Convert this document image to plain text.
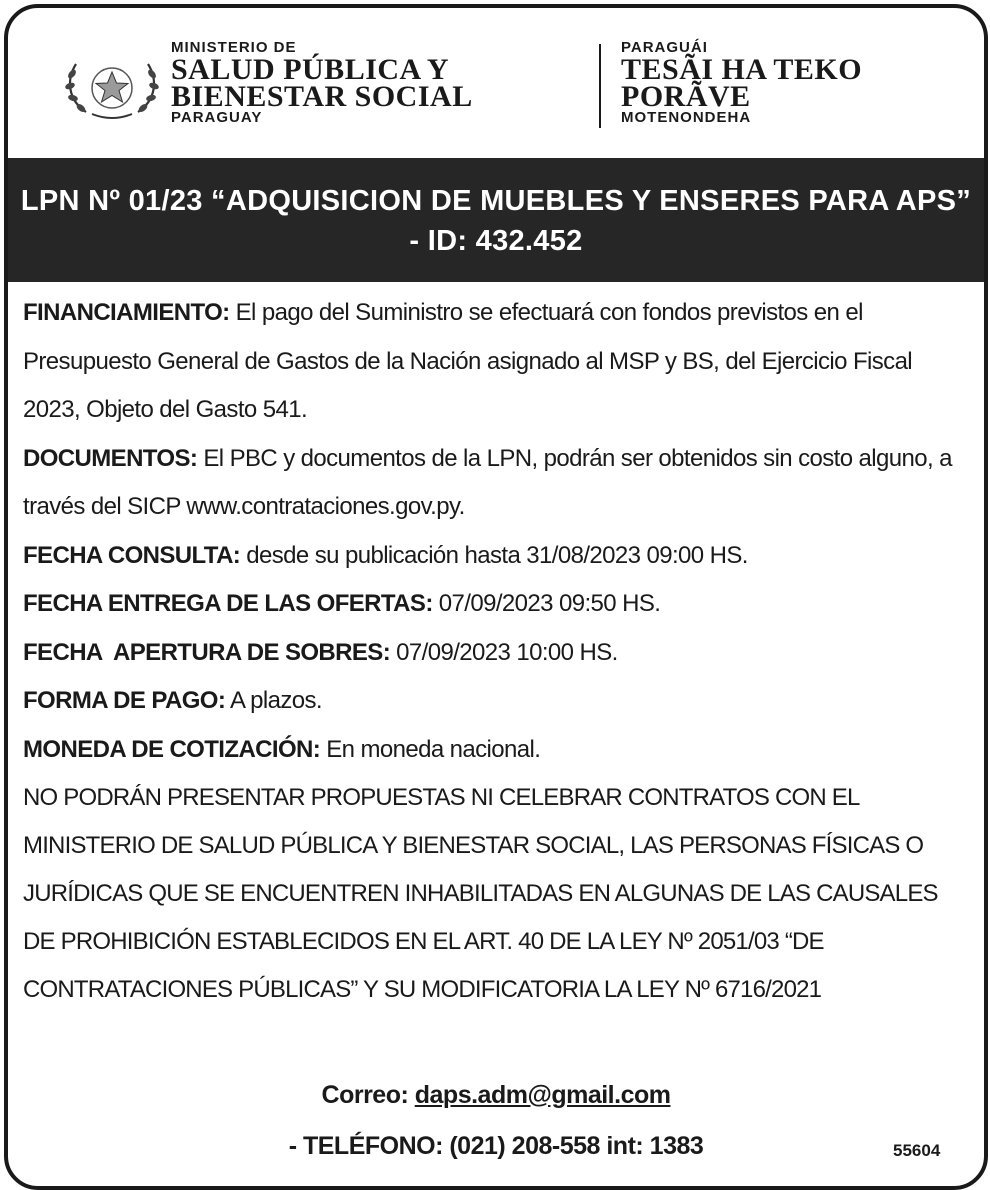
MINISTERIO DE
SALUD PÚBLICA Y
BIENESTAR SOCIAL
PARAGUAY
PARAGUÁI
TESÃI HA TEKO
PORÃVE
MOTENONDEHA
LPN Nº 01/23 “ADQUISICION DE MUEBLES Y ENSERES PARA APS”
- ID: 432.452

FINANCIAMIENTO: El pago del Suministro se efectuará con fondos previstos en el Presupuesto General de Gastos de la Nación asignado al MSP y BS, del Ejercicio Fiscal 2023, Objeto del Gasto 541.

DOCUMENTOS: El PBC y documentos de la LPN, podrán ser obtenidos sin costo alguno, a través del SICP www.contrataciones.gov.py.

FECHA CONSULTA: desde su publicación hasta 31/08/2023 09:00 HS.

FECHA ENTREGA DE LAS OFERTAS: 07/09/2023 09:50 HS.

FECHA  APERTURA DE SOBRES: 07/09/2023 10:00 HS.

FORMA DE PAGO: A plazos.

MONEDA DE COTIZACIÓN: En moneda nacional.

NO PODRÁN PRESENTAR PROPUESTAS NI CELEBRAR CONTRATOS CON EL MINISTERIO DE SALUD PÚBLICA Y BIENESTAR SOCIAL, LAS PERSONAS FÍSICAS O JURÍDICAS QUE SE ENCUENTREN INHABILITADAS EN ALGUNAS DE LAS CAUSALES DE PROHIBICIÓN ESTABLECIDOS EN EL ART. 40 DE LA LEY Nº 2051/03 “DE CONTRATACIONES PÚBLICAS” Y SU MODIFICATORIA LA LEY Nº 6716/2021

Correo: daps.adm@gmail.com
- TELÉFONO: (021) 208-558 int: 1383	55604
